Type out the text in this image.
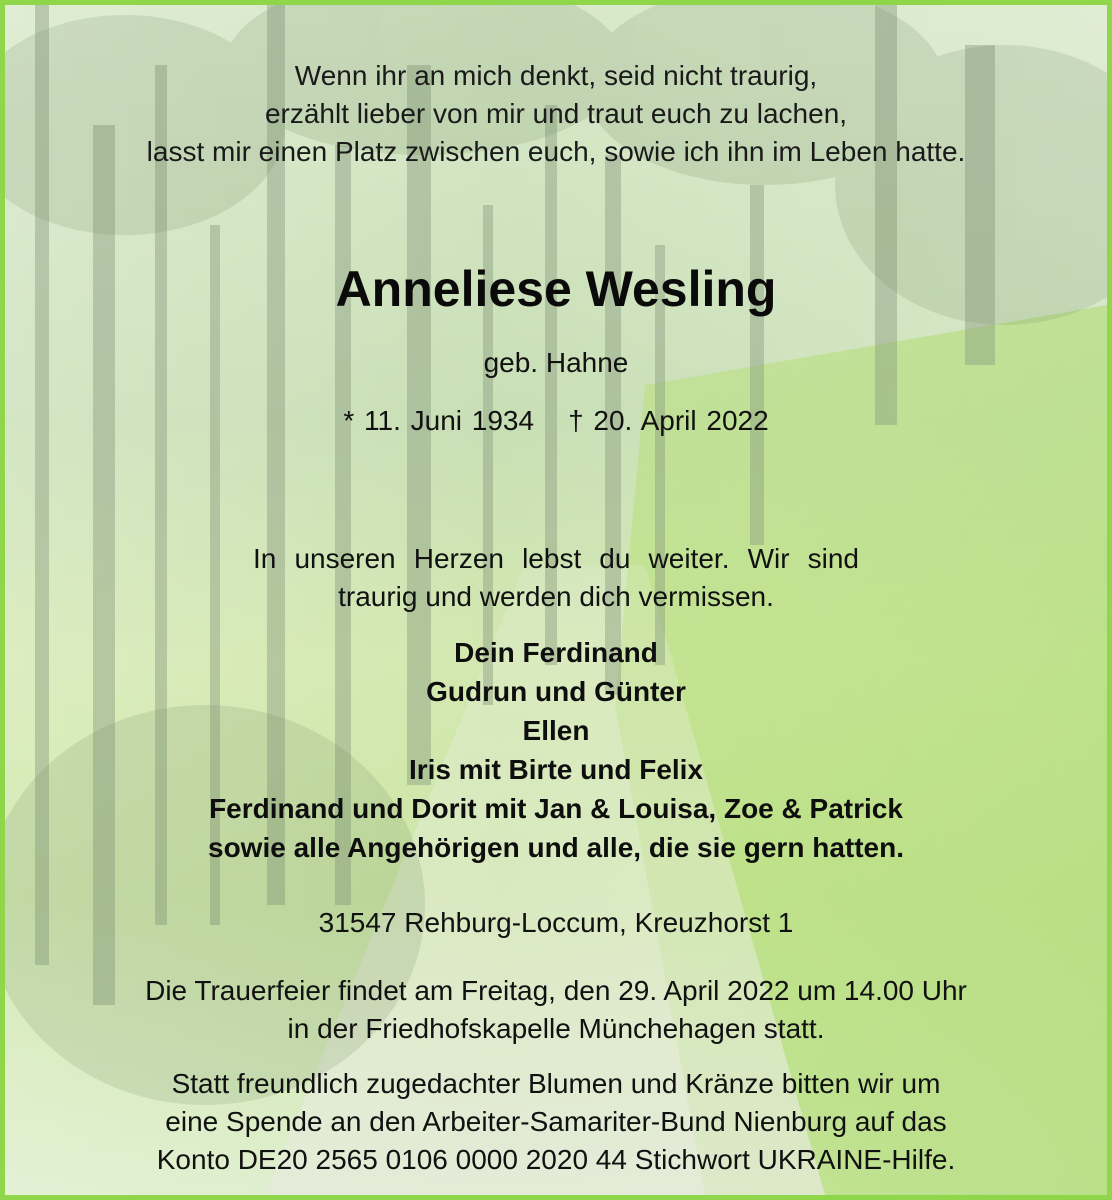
Wenn ihr an mich denkt, seid nicht traurig,
erzählt lieber von mir und traut euch zu lachen,
lasst mir einen Platz zwischen euch, sowie ich ihn im Leben hatte.
Anneliese Wesling
geb. Hahne
* 11. Juni 1934 † 20. April 2022
In unseren Herzen lebst du weiter. Wir sind traurig und werden dich vermissen.
Dein Ferdinand
Gudrun und Günter
Ellen
Iris mit Birte und Felix
Ferdinand und Dorit mit Jan & Louisa, Zoe & Patrick
sowie alle Angehörigen und alle, die sie gern hatten.
31547 Rehburg-Loccum, Kreuzhorst 1
Die Trauerfeier findet am Freitag, den 29. April 2022 um 14.00 Uhr
in der Friedhofskapelle Münchehagen statt.
Statt freundlich zugedachter Blumen und Kränze bitten wir um
eine Spende an den Arbeiter-Samariter-Bund Nienburg auf das
Konto DE20 2565 0106 0000 2020 44 Stichwort UKRAINE-Hilfe.
